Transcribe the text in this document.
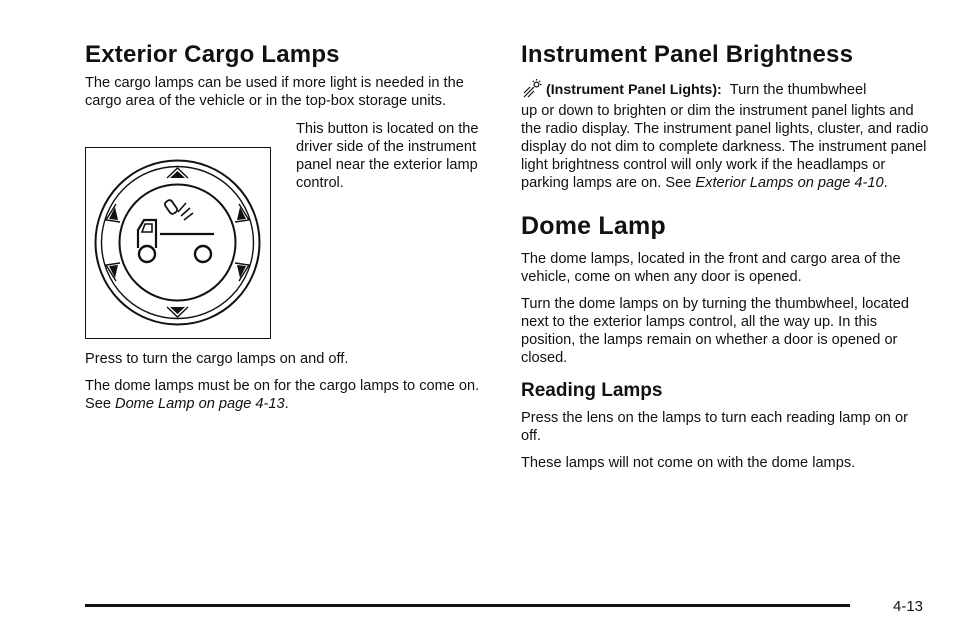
Exterior Cargo Lamps

The cargo lamps can be used if more light is needed in the cargo area of the vehicle or in the top-box storage units.

This button is located on the driver side of the instrument panel near the exterior lamp control.

Press to turn the cargo lamps on and off.

The dome lamps must be on for the cargo lamps to come on. See Dome Lamp on page 4-13.

Instrument Panel Brightness
(Instrument Panel Lights): Turn the thumbwheel

up or down to brighten or dim the instrument panel lights and the radio display. The instrument panel lights, cluster, and radio display do not dim to complete darkness. The instrument panel light brightness control will only work if the headlamps or parking lamps are on. See Exterior Lamps on page 4-10.

Dome Lamp

The dome lamps, located in the front and cargo area of the vehicle, come on when any door is opened.

Turn the dome lamps on by turning the thumbwheel, located next to the exterior lamps control, all the way up. In this position, the lamps remain on whether a door is opened or closed.

Reading Lamps

Press the lens on the lamps to turn each reading lamp on or off.

These lamps will not come on with the dome lamps.

4-13
